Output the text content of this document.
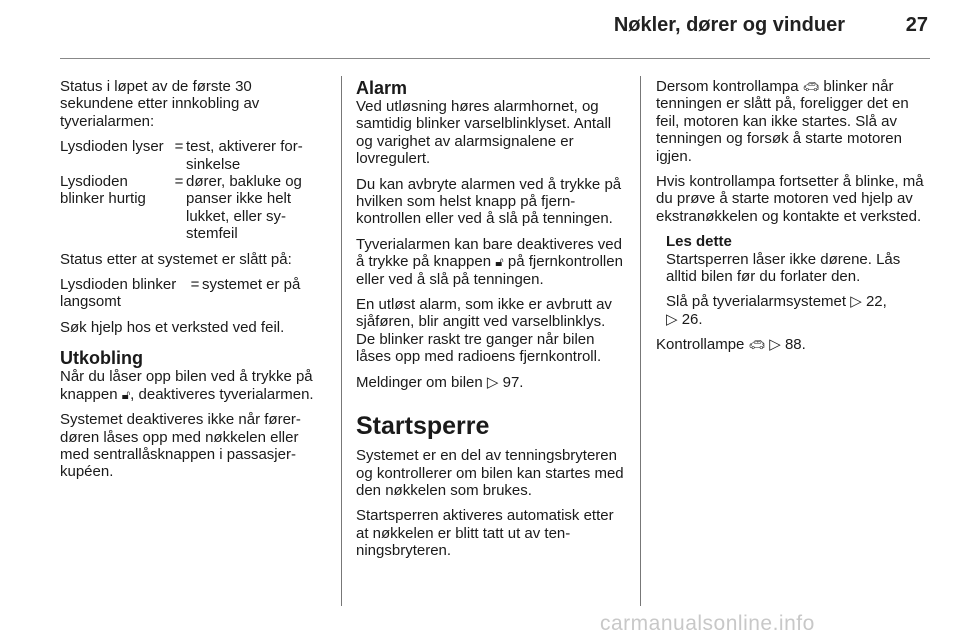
Nøkler, dører og vinduer	27

Status i løpet av de første 30 sekundene etter innkobling av tyverialarmen:

Lysdioden lyser = test, aktiverer forsinkelse
Lysdioden blinker hurtig
= dører, bakluke og panser ikke helt lukket, eller systemfeil

Status etter at systemet er slått på:

Lysdioden blinker langsomt
= systemet er på

Søk hjelp hos et verksted ved feil.

Utkobling

Når du låser opp bilen ved å trykke på knappen 🔓︎, deaktiveres tyverialarmen.

Systemet deaktiveres ikke når førerdøren låses opp med nøkkelen eller med sentrallåsknappen i passasjerkupéen.

Alarm

Ved utløsning høres alarmhornet, og samtidig blinker varselblinklyset. Antall og varighet av alarmsignalene er lovregulert.

Du kan avbryte alarmen ved å trykke på hvilken som helst knapp på fjernkontrollen eller ved å slå på tenningen.

Tyverialarmen kan bare deaktiveres ved å trykke på knappen 🔓︎ på fjernkontrollen eller ved å slå på tenningen.

En utløst alarm, som ikke er avbrutt av sjåføren, blir angitt ved varselblinklys. De blinker raskt tre ganger når bilen låses opp med radioens fjernkontroll.

Meldinger om bilen ▷ 97.

Startsperre

Systemet er en del av tenningsbryteren og kontrollerer om bilen kan startes med den nøkkelen som brukes.

Startsperren aktiveres automatisk etter at nøkkelen er blitt tatt ut av tenningsbryteren.

Dersom kontrollampa 🚗︎ blinker når tenningen er slått på, foreligger det en feil, motoren kan ikke startes. Slå av tenningen og forsøk å starte motoren igjen.

Hvis kontrollampa fortsetter å blinke, må du prøve å starte motoren ved hjelp av ekstranøkkelen og kontakte et verksted.

Les dette

Startsperren låser ikke dørene. Lås alltid bilen før du forlater den.

Slå på tyverialarmsystemet ▷ 22,
▷ 26.

Kontrollampe 🚗︎ ▷ 88.

carmanualsonline.info
